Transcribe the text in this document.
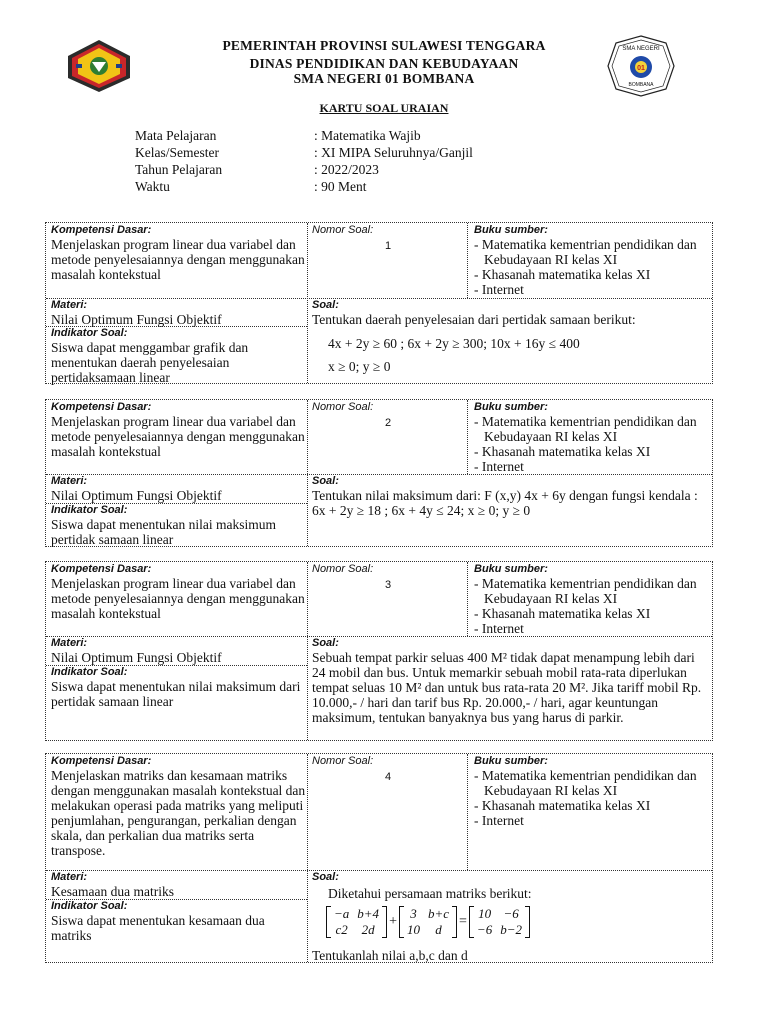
PEMERINTAH PROVINSI SULAWESI TENGGARA
DINAS PENDIDIKAN DAN KEBUDAYAAN
SMA NEGERI 01 BOMBANA
01
SMA NEGERI
BOMBANA
KARTU SOAL URAIAN
Mata Pelajaran	: Matematika Wajib
Kelas/Semester	: XI MIPA Seluruhnya/Ganjil
Tahun Pelajaran	: 2022/2023
Waktu	: 90 Ment
Kompetensi Dasar:
Menjelaskan program linear dua variabel dan metode penyelesaiannya dengan menggunakan masalah kontekstual
Nomor Soal:
1
Buku sumber:
- Matematika kementrian pendidikan dan Kebudayaan RI kelas XI
- Khasanah matematika kelas XI
- Internet
Materi:
Nilai Optimum Fungsi Objektif
Indikator Soal:
Siswa dapat menggambar grafik dan menentukan daerah penyelesaian pertidaksamaan linear
Soal:
Tentukan daerah penyelesaian dari pertidak samaan berikut:
4x + 2y ≥ 60 ; 6x + 2y ≥ 300; 10x + 16y ≤ 400
x ≥ 0; y ≥ 0
Kompetensi Dasar:
Menjelaskan program linear dua variabel dan metode penyelesaiannya dengan menggunakan masalah kontekstual
Nomor Soal:
2
Buku sumber:
- Matematika kementrian pendidikan dan Kebudayaan RI kelas XI
- Khasanah matematika kelas XI
- Internet
Materi:
Nilai Optimum Fungsi Objektif
Indikator Soal:
Siswa dapat menentukan nilai maksimum pertidak samaan linear
Soal:
Tentukan nilai maksimum dari: F (x,y) 4x + 6y dengan fungsi kendala :
6x + 2y ≥ 18 ; 6x + 4y ≤ 24; x ≥ 0; y ≥ 0
Kompetensi Dasar:
Menjelaskan program linear dua variabel dan metode penyelesaiannya dengan menggunakan masalah kontekstual
Nomor Soal:
3
Buku sumber:
- Matematika kementrian pendidikan dan Kebudayaan RI kelas XI
- Khasanah matematika kelas XI
- Internet
Materi:
Nilai Optimum Fungsi Objektif
Indikator Soal:
Siswa dapat menentukan nilai maksimum dari pertidak samaan linear
Soal:
Sebuah tempat parkir seluas 400 M² tidak dapat menampung lebih dari 24 mobil dan bus. Untuk memarkir sebuah mobil rata-rata diperlukan tempat seluas 10 M² dan untuk bus rata-rata 20 M². Jika tariff mobil Rp. 10.000,- / hari dan tarif bus Rp. 20.000,- / hari, agar keuntungan maksimum, tentukan banyaknya bus yang harus di parkir.
Kompetensi Dasar:
Menjelaskan matriks dan kesamaan matriks dengan menggunakan masalah kontekstual dan melakukan operasi pada matriks yang meliputi penjumlahan, pengurangan, perkalian dengan skala, dan perkalian dua matriks serta transpose.
Nomor Soal:
4
Buku sumber:
- Matematika kementrian pendidikan dan Kebudayaan RI kelas XI
- Khasanah matematika kelas XI
- Internet
Materi:
Kesamaan dua matriks
Indikator Soal:
Siswa dapat menentukan kesamaan dua matriks
Soal:
Diketahui persamaan matriks berikut:
−a	b+4
c2	2d
+
3	b+c
10	d
=
10	−6
−6	b−2
Tentukanlah nilai a,b,c dan d
